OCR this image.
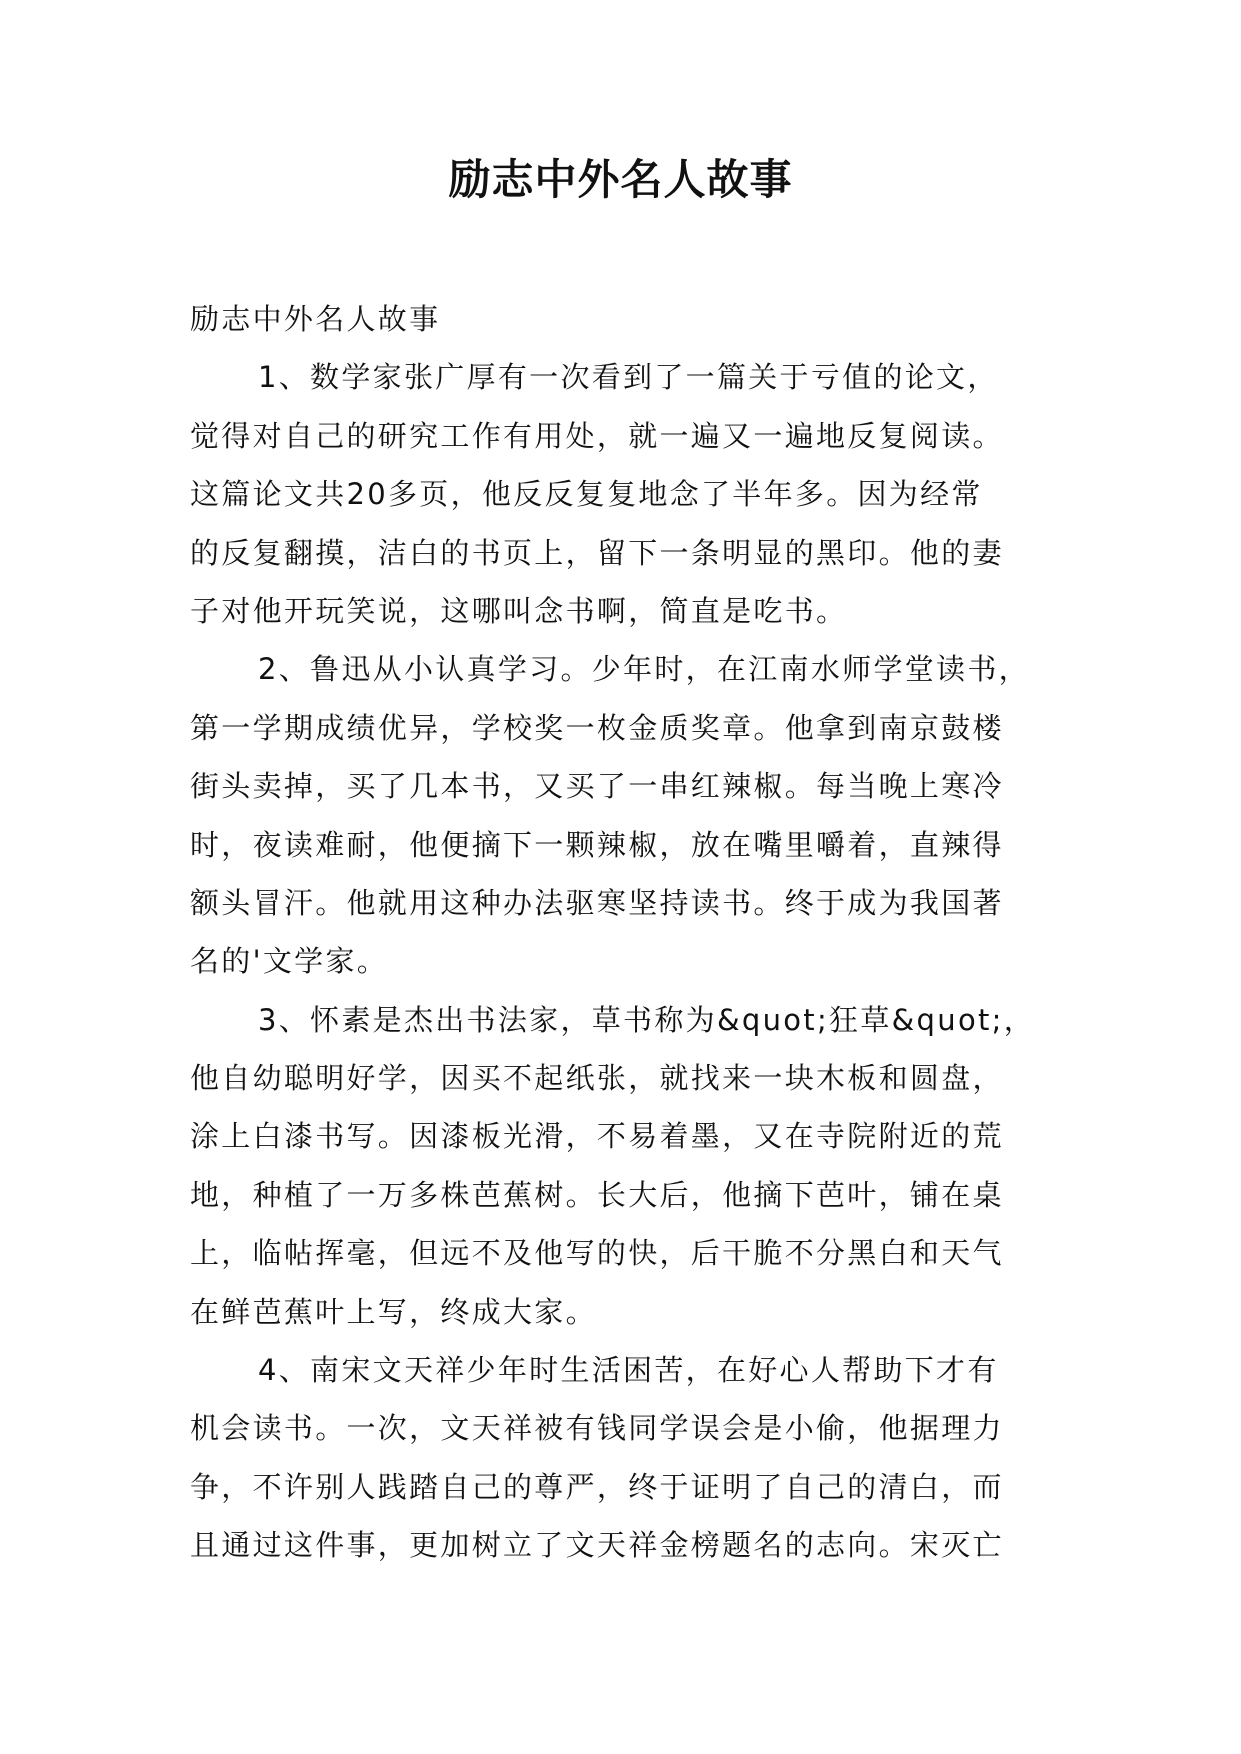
励志中外名人故事
励志中外名人故事
1、数学家张广厚有一次看到了一篇关于亏值的论文，
觉得对自己的研究工作有用处，就一遍又一遍地反复阅读。
这篇论文共20多页，他反反复复地念了半年多。因为经常
的反复翻摸，洁白的书页上，留下一条明显的黑印。他的妻
子对他开玩笑说，这哪叫念书啊，简直是吃书。
2、鲁迅从小认真学习。少年时，在江南水师学堂读书，
第一学期成绩优异，学校奖一枚金质奖章。他拿到南京鼓楼
街头卖掉，买了几本书，又买了一串红辣椒。每当晚上寒冷
时，夜读难耐，他便摘下一颗辣椒，放在嘴里嚼着，直辣得
额头冒汗。他就用这种办法驱寒坚持读书。终于成为我国著
名的'文学家。
3、怀素是杰出书法家，草书称为&quot;狂草&quot;，
他自幼聪明好学，因买不起纸张，就找来一块木板和圆盘，
涂上白漆书写。因漆板光滑，不易着墨，又在寺院附近的荒
地，种植了一万多株芭蕉树。长大后，他摘下芭叶，铺在桌
上，临帖挥毫，但远不及他写的快，后干脆不分黑白和天气
在鲜芭蕉叶上写，终成大家。
4、南宋文天祥少年时生活困苦，在好心人帮助下才有
机会读书。一次，文天祥被有钱同学误会是小偷，他据理力
争，不许别人践踏自己的尊严，终于证明了自己的清白，而
且通过这件事，更加树立了文天祥金榜题名的志向。宋灭亡
